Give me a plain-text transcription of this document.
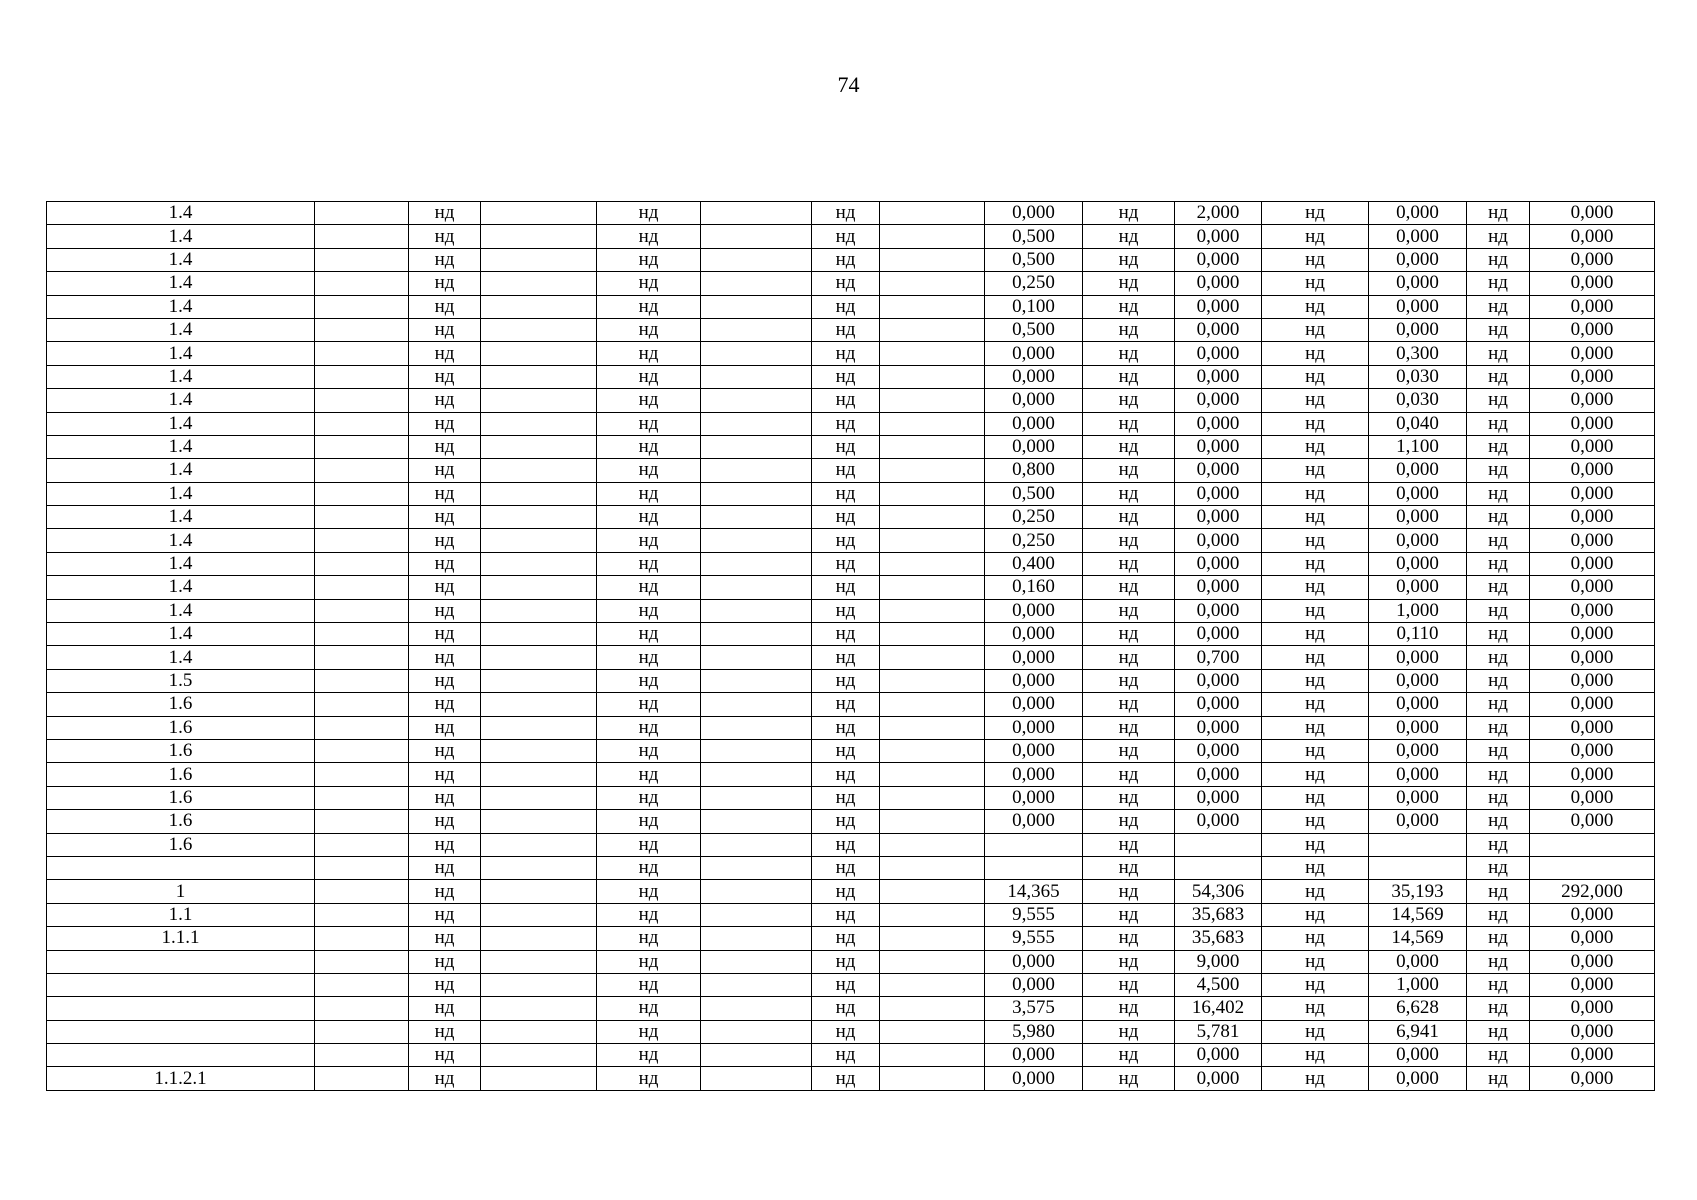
74
1.4		нд		нд		нд		0,000	нд	2,000	нд	0,000	нд	0,000
1.4		нд		нд		нд		0,500	нд	0,000	нд	0,000	нд	0,000
1.4		нд		нд		нд		0,500	нд	0,000	нд	0,000	нд	0,000
1.4		нд		нд		нд		0,250	нд	0,000	нд	0,000	нд	0,000
1.4		нд		нд		нд		0,100	нд	0,000	нд	0,000	нд	0,000
1.4		нд		нд		нд		0,500	нд	0,000	нд	0,000	нд	0,000
1.4		нд		нд		нд		0,000	нд	0,000	нд	0,300	нд	0,000
1.4		нд		нд		нд		0,000	нд	0,000	нд	0,030	нд	0,000
1.4		нд		нд		нд		0,000	нд	0,000	нд	0,030	нд	0,000
1.4		нд		нд		нд		0,000	нд	0,000	нд	0,040	нд	0,000
1.4		нд		нд		нд		0,000	нд	0,000	нд	1,100	нд	0,000
1.4		нд		нд		нд		0,800	нд	0,000	нд	0,000	нд	0,000
1.4		нд		нд		нд		0,500	нд	0,000	нд	0,000	нд	0,000
1.4		нд		нд		нд		0,250	нд	0,000	нд	0,000	нд	0,000
1.4		нд		нд		нд		0,250	нд	0,000	нд	0,000	нд	0,000
1.4		нд		нд		нд		0,400	нд	0,000	нд	0,000	нд	0,000
1.4		нд		нд		нд		0,160	нд	0,000	нд	0,000	нд	0,000
1.4		нд		нд		нд		0,000	нд	0,000	нд	1,000	нд	0,000
1.4		нд		нд		нд		0,000	нд	0,000	нд	0,110	нд	0,000
1.4		нд		нд		нд		0,000	нд	0,700	нд	0,000	нд	0,000
1.5		нд		нд		нд		0,000	нд	0,000	нд	0,000	нд	0,000
1.6		нд		нд		нд		0,000	нд	0,000	нд	0,000	нд	0,000
1.6		нд		нд		нд		0,000	нд	0,000	нд	0,000	нд	0,000
1.6		нд		нд		нд		0,000	нд	0,000	нд	0,000	нд	0,000
1.6		нд		нд		нд		0,000	нд	0,000	нд	0,000	нд	0,000
1.6		нд		нд		нд		0,000	нд	0,000	нд	0,000	нд	0,000
1.6		нд		нд		нд		0,000	нд	0,000	нд	0,000	нд	0,000
1.6		нд		нд		нд			нд		нд		нд	
		нд		нд		нд			нд		нд		нд	
1		нд		нд		нд		14,365	нд	54,306	нд	35,193	нд	292,000
1.1		нд		нд		нд		9,555	нд	35,683	нд	14,569	нд	0,000
1.1.1		нд		нд		нд		9,555	нд	35,683	нд	14,569	нд	0,000
		нд		нд		нд		0,000	нд	9,000	нд	0,000	нд	0,000
		нд		нд		нд		0,000	нд	4,500	нд	1,000	нд	0,000
		нд		нд		нд		3,575	нд	16,402	нд	6,628	нд	0,000
		нд		нд		нд		5,980	нд	5,781	нд	6,941	нд	0,000
		нд		нд		нд		0,000	нд	0,000	нд	0,000	нд	0,000
1.1.2.1		нд		нд		нд		0,000	нд	0,000	нд	0,000	нд	0,000
